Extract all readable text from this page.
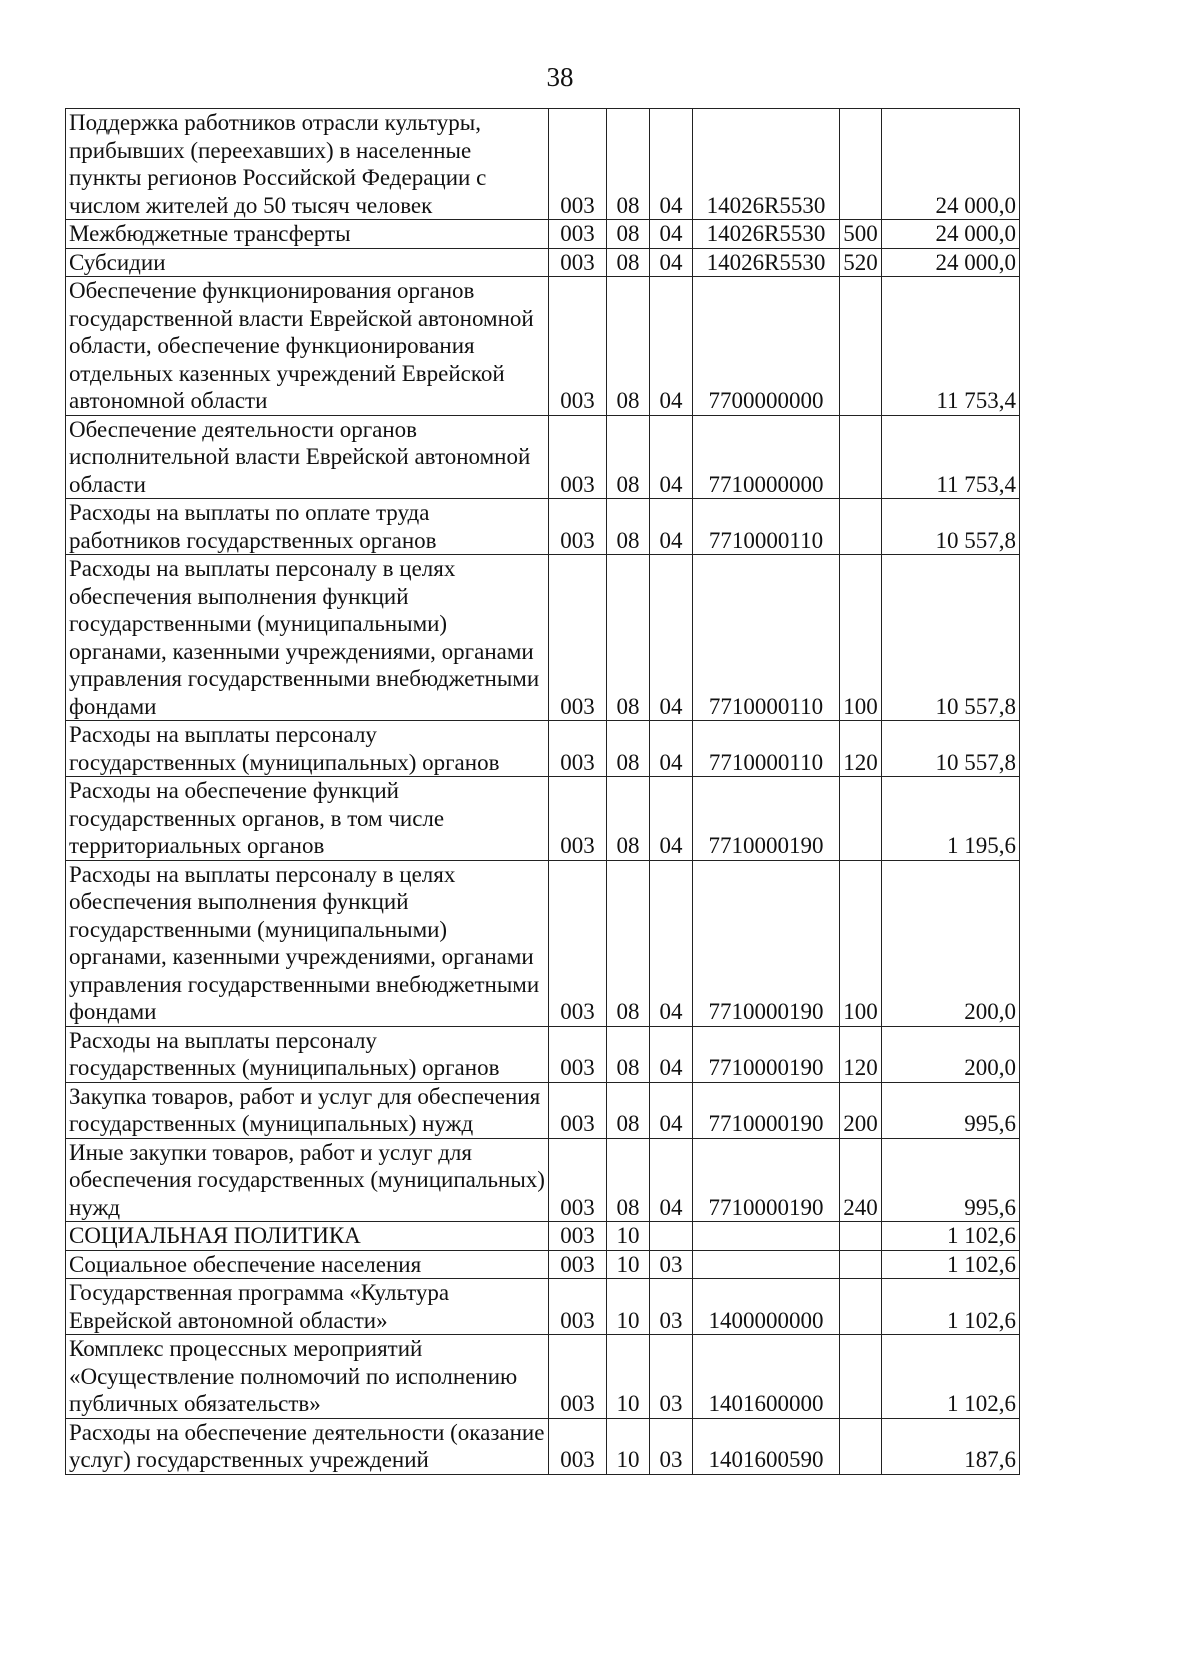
38
Поддержка работников отрасли культуры, прибывших (переехавших) в населенные пункты регионов Российской Федерации с числом жителей до 50 тысяч человек	003	08	04	14026R5530		24 000,0
Межбюджетные трансферты	003	08	04	14026R5530	500	24 000,0
Субсидии	003	08	04	14026R5530	520	24 000,0
Обеспечение функционирования органов государственной власти Еврейской автономной области, обеспечение функционирования отдельных казенных учреждений Еврейской автономной области	003	08	04	7700000000		11 753,4
Обеспечение деятельности органов исполнительной власти Еврейской автономной области	003	08	04	7710000000		11 753,4
Расходы на выплаты по оплате труда работников государственных органов	003	08	04	7710000110		10 557,8
Расходы на выплаты персоналу в целях обеспечения выполнения функций государственными (муниципальными) органами, казенными учреждениями, органами управления государственными внебюджетными фондами	003	08	04	7710000110	100	10 557,8
Расходы на выплаты персоналу государственных (муниципальных) органов	003	08	04	7710000110	120	10 557,8
Расходы на обеспечение функций государственных органов, в том числе территориальных органов	003	08	04	7710000190		1 195,6
Расходы на выплаты персоналу в целях обеспечения выполнения функций государственными (муниципальными) органами, казенными учреждениями, органами управления государственными внебюджетными фондами	003	08	04	7710000190	100	200,0
Расходы на выплаты персоналу государственных (муниципальных) органов	003	08	04	7710000190	120	200,0
Закупка товаров, работ и услуг для обеспечения государственных (муниципальных) нужд	003	08	04	7710000190	200	995,6
Иные закупки товаров, работ и услуг для обеспечения государственных (муниципальных) нужд	003	08	04	7710000190	240	995,6
СОЦИАЛЬНАЯ ПОЛИТИКА	003	10				1 102,6
Социальное обеспечение населения	003	10	03			1 102,6
Государственная программа «Культура Еврейской автономной области»	003	10	03	1400000000		1 102,6
Комплекс процессных мероприятий «Осуществление полномочий по исполнению публичных обязательств»	003	10	03	1401600000		1 102,6
Расходы на обеспечение деятельности (оказание услуг) государственных учреждений	003	10	03	1401600590		187,6
